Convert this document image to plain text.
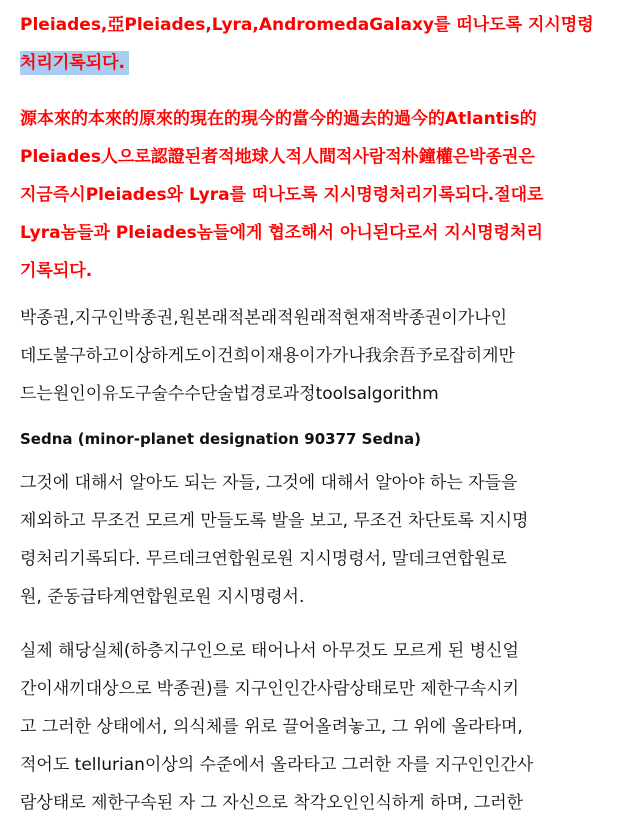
Pleiades,亞Pleiades,Lyra,AndromedaGalaxy를 떠나도록 지시명령
처리기록되다.
源本來的本來的原來的現在的現今的當今的過去的過今的Atlantis的
Pleiades人으로認證된者적地球人적人間적사람적朴鐘權은박종권은
지금즉시Pleiades와 Lyra를 떠나도록 지시명령처리기록되다.절대로
Lyra놈들과 Pleiades놈들에게 협조해서 아니된다로서 지시명령처리
기록되다.
박종권,지구인박종권,원본래적본래적원래적현재적박종권이가나인
데도불구하고이상하게도이건희이재용이가가나我余吾予로잡히게만
드는원인이유도구술수수단술법경로과정toolsalgorithm
Sedna (minor-planet designation 90377 Sedna)
그것에 대해서 알아도 되는 자들, 그것에 대해서 알아야 하는 자들을
제외하고 무조건 모르게 만들도록 발을 보고, 무조건 차단토록 지시명
령처리기록되다. 무르데크연합원로원 지시명령서, 말데크연합원로
원, 준동급타계연합원로원 지시명령서.
실제 해당실체(하층지구인으로 태어나서 아무것도 모르게 된 병신얼
간이새끼대상으로 박종권)를 지구인인간사람상태로만 제한구속시키
고 그러한 상태에서, 의식체를 위로 끌어올려놓고, 그 위에 올라타며,
적어도 tellurian이상의 수준에서 올라타고 그러한 자를 지구인인간사
람상태로 제한구속된 자 그 자신으로 착각오인인식하게 하며, 그러한
